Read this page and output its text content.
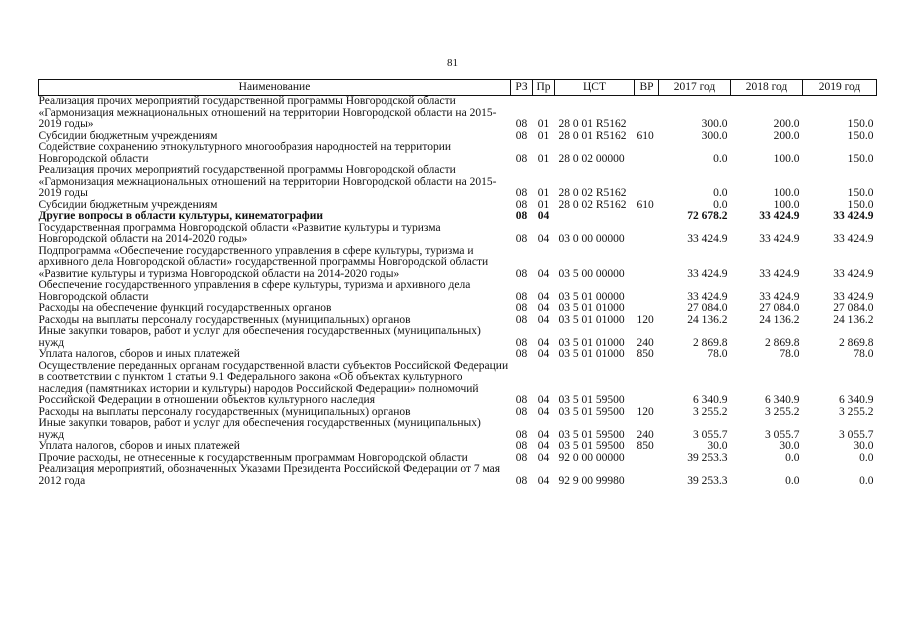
81
Наименование	РЗ	Пр	ЦСТ	ВР	2017 год	2018 год	2019 год
Реализация прочих мероприятий государственной программы Новгородской области «Гармонизация межнациональных отношений на территории Новгородской области на 2015-2019 годы»	08	01	28 0 01 R5162		300.0	200.0	150.0
Субсидии бюджетным учреждениям	08	01	28 0 01 R5162	610	300.0	200.0	150.0
Содействие сохранению этнокультурного многообразия народностей на территории Новгородской области	08	01	28 0 02 00000		0.0	100.0	150.0
Реализация прочих мероприятий государственной программы Новгородской области «Гармонизация межнациональных отношений на территории Новгородской области на 2015-2019 годы	08	01	28 0 02 R5162		0.0	100.0	150.0
Субсидии бюджетным учреждениям	08	01	28 0 02 R5162	610	0.0	100.0	150.0
Другие вопросы в области культуры, кинематографии	08	04			72 678.2	33 424.9	33 424.9
Государственная программа Новгородской области «Развитие культуры и туризма Новгородской области на 2014-2020 годы»	08	04	03 0 00 00000		33 424.9	33 424.9	33 424.9
Подпрограмма «Обеспечение государственного управления в сфере культуры, туризма и архивного дела Новгородской области» государственной программы Новгородской области «Развитие культуры и туризма Новгородской области на 2014-2020 годы»	08	04	03 5 00 00000		33 424.9	33 424.9	33 424.9
Обеспечение государственного управления в сфере культуры, туризма и архивного дела Новгородской области	08	04	03 5 01 00000		33 424.9	33 424.9	33 424.9
Расходы на обеспечение функций государственных органов	08	04	03 5 01 01000		27 084.0	27 084.0	27 084.0
Расходы на выплаты персоналу государственных (муниципальных) органов	08	04	03 5 01 01000	120	24 136.2	24 136.2	24 136.2
Иные закупки товаров, работ и услуг для обеспечения государственных (муниципальных) нужд	08	04	03 5 01 01000	240	2 869.8	2 869.8	2 869.8
Уплата налогов, сборов и иных платежей	08	04	03 5 01 01000	850	78.0	78.0	78.0
Осуществление переданных органам государственной власти субъектов Российской Федерации в соответствии с пунктом 1 статьи 9.1 Федерального закона «Об объектах культурного наследия (памятниках истории и культуры) народов Российской Федерации» полномочий Российской Федерации в отношении объектов культурного наследия	08	04	03 5 01 59500		6 340.9	6 340.9	6 340.9
Расходы на выплаты персоналу государственных (муниципальных) органов	08	04	03 5 01 59500	120	3 255.2	3 255.2	3 255.2
Иные закупки товаров, работ и услуг для обеспечения государственных (муниципальных) нужд	08	04	03 5 01 59500	240	3 055.7	3 055.7	3 055.7
Уплата налогов, сборов и иных платежей	08	04	03 5 01 59500	850	30.0	30.0	30.0
Прочие расходы, не отнесенные к государственным программам Новгородской области	08	04	92 0 00 00000		39 253.3	0.0	0.0
Реализация мероприятий, обозначенных Указами Президента Российской Федерации от 7 мая 2012 года	08	04	92 9 00 99980		39 253.3	0.0	0.0
